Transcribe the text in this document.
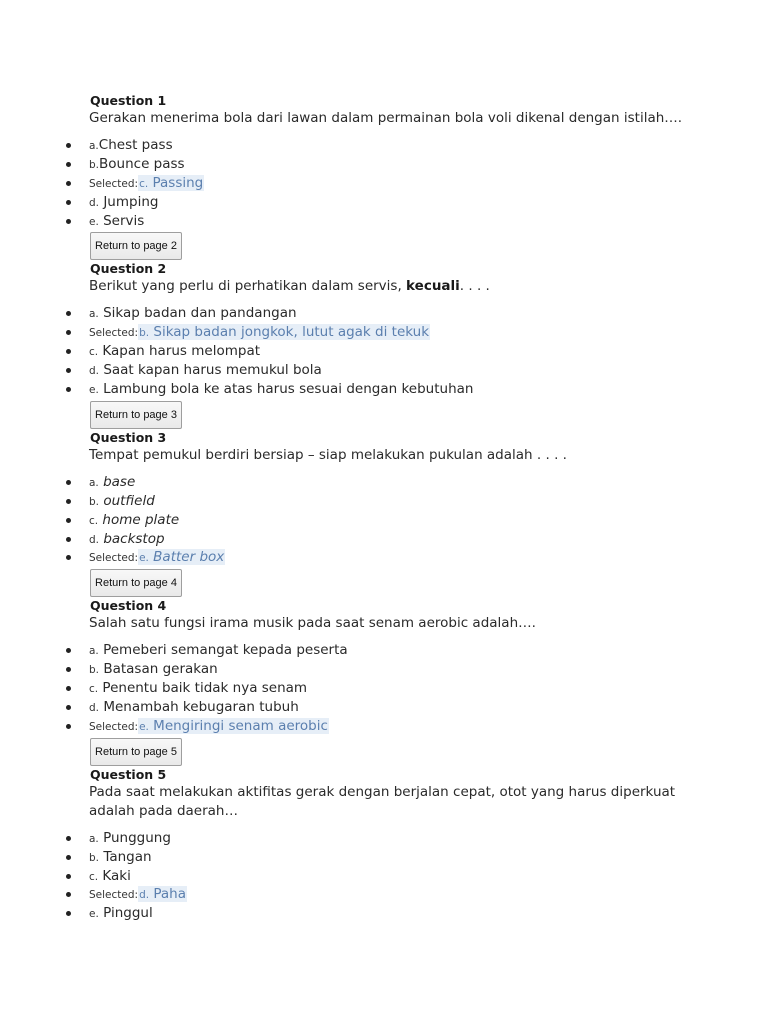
Question 1
Gerakan menerima bola dari lawan dalam permainan bola voli dikenal dengan istilah….
a.Chest pass
b.Bounce pass
Selected:c. Passing
d. Jumping
e. Servis
Return to page 2
Question 2
Berikut yang perlu di perhatikan dalam servis, kecuali. . . .
a. Sikap badan dan pandangan
Selected:b. Sikap badan jongkok, lutut agak di tekuk
c. Kapan harus melompat
d. Saat kapan harus memukul bola
e. Lambung bola ke atas harus sesuai dengan kebutuhan
Return to page 3
Question 3
Tempat pemukul berdiri bersiap – siap melakukan pukulan adalah . . . .
a. base
b. outfield
c. home plate
d. backstop
Selected:e. Batter box
Return to page 4
Question 4
Salah satu fungsi irama musik pada saat senam aerobic adalah….
a. Pemeberi semangat kepada peserta
b. Batasan gerakan
c. Penentu baik tidak nya senam
d. Menambah kebugaran tubuh
Selected:e. Mengiringi senam aerobic
Return to page 5
Question 5
Pada saat melakukan aktifitas gerak dengan berjalan cepat, otot yang harus diperkuat adalah pada daerah…
a. Punggung
b. Tangan
c. Kaki
Selected:d. Paha
e. Pinggul
